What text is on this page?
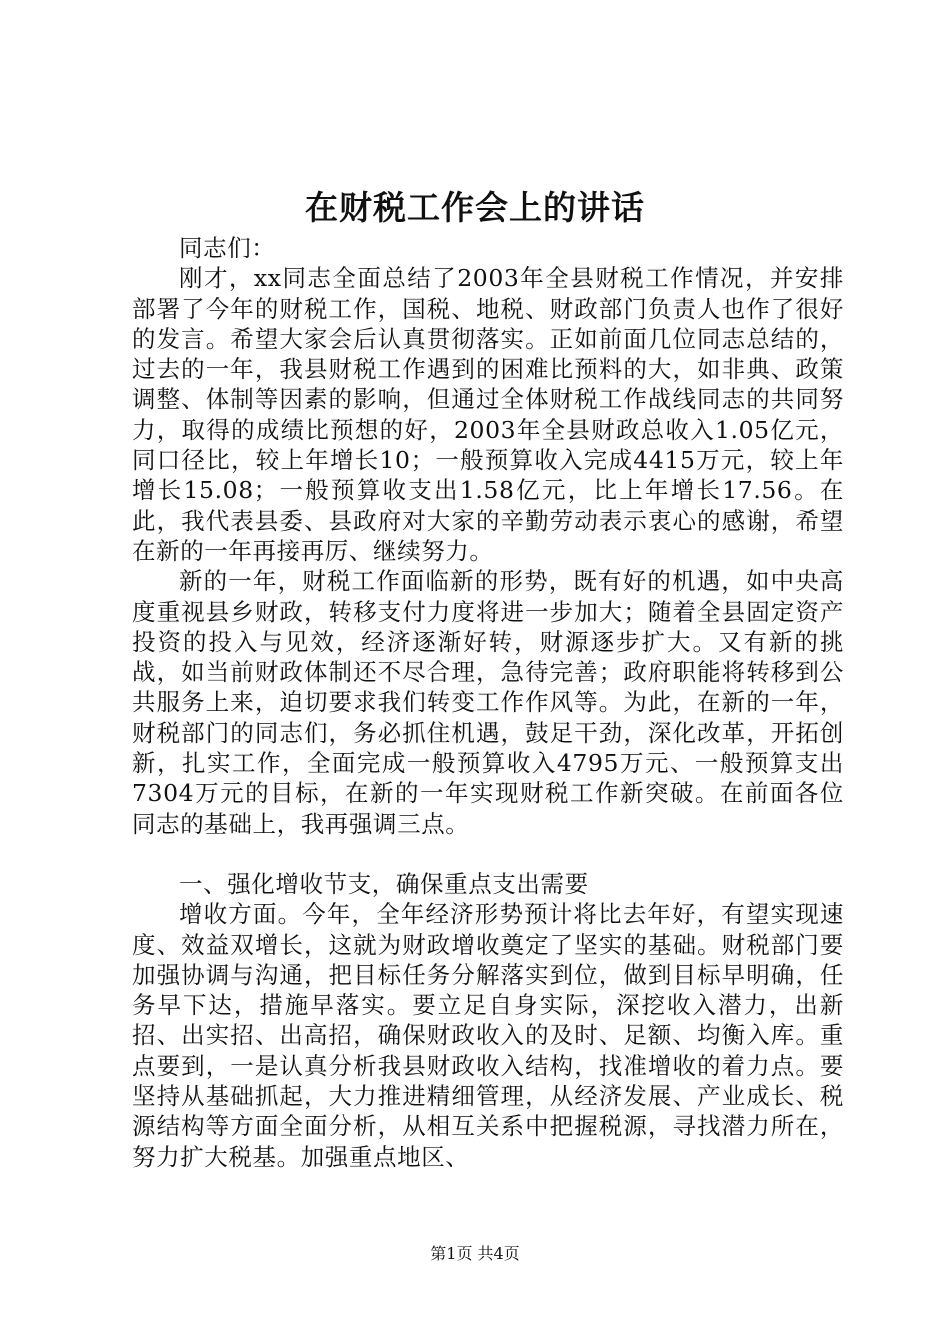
在财税工作会上的讲话

同志们：

刚才，xx同志全面总结了2003年全县财税工作情况，并安排部署了今年的财税工作，国税、地税、财政部门负责人也作了很好的发言。希望大家会后认真贯彻落实。正如前面几位同志总结的，过去的一年，我县财税工作遇到的困难比预料的大，如非典、政策调整、体制等因素的影响，但通过全体财税工作战线同志的共同努力，取得的成绩比预想的好，2003年全县财政总收入1.05亿元，同口径比，较上年增长10；一般预算收入完成4415万元，较上年增长15.08；一般预算收支出1.58亿元，比上年增长17.56。在此，我代表县委、县政府对大家的辛勤劳动表示衷心的感谢，希望在新的一年再接再厉、继续努力。

新的一年，财税工作面临新的形势，既有好的机遇，如中央高度重视县乡财政，转移支付力度将进一步加大；随着全县固定资产投资的投入与见效，经济逐渐好转，财源逐步扩大。又有新的挑战，如当前财政体制还不尽合理，急待完善；政府职能将转移到公共服务上来，迫切要求我们转变工作作风等。为此，在新的一年，财税部门的同志们，务必抓住机遇，鼓足干劲，深化改革，开拓创新，扎实工作，全面完成一般预算收入4795万元、一般预算支出7304万元的目标，在新的一年实现财税工作新突破。在前面各位同志的基础上，我再强调三点。

一、强化增收节支，确保重点支出需要

增收方面。今年，全年经济形势预计将比去年好，有望实现速度、效益双增长，这就为财政增收奠定了坚实的基础。财税部门要加强协调与沟通，把目标任务分解落实到位，做到目标早明确，任务早下达，措施早落实。要立足自身实际，深挖收入潜力，出新招、出实招、出高招，确保财政收入的及时、足额、均衡入库。重点要到，一是认真分析我县财政收入结构，找准增收的着力点。要坚持从基础抓起，大力推进精细管理，从经济发展、产业成长、税源结构等方面全面分析，从相互关系中把握税源，寻找潜力所在，努力扩大税基。加强重点地区、

第1页 共4页
